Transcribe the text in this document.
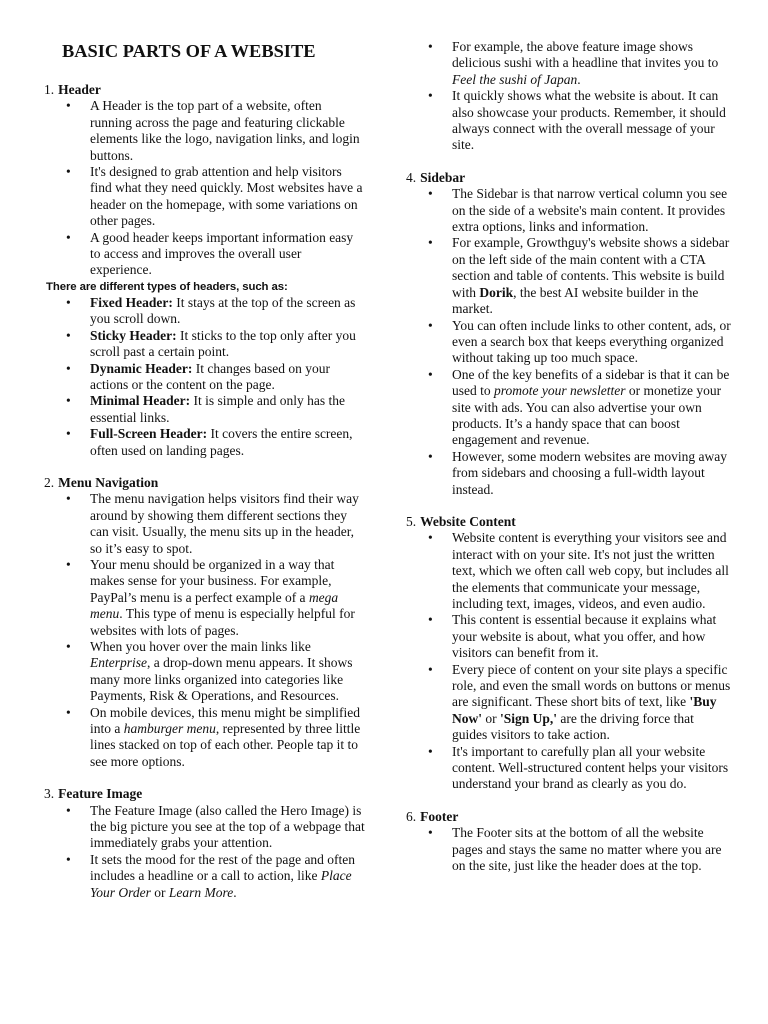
BASIC PARTS OF A WEBSITE
1. Header
• A Header is the top part of a website, often running across the page and featuring clickable elements like the logo, navigation links, and login buttons.
• It's designed to grab attention and help visitors find what they need quickly. Most websites have a header on the homepage, with some variations on other pages.
• A good header keeps important information easy to access and improves the overall user experience.
There are different types of headers, such as:
• Fixed Header: It stays at the top of the screen as you scroll down.
• Sticky Header: It sticks to the top only after you scroll past a certain point.
• Dynamic Header: It changes based on your actions or the content on the page.
• Minimal Header: It is simple and only has the essential links.
• Full-Screen Header: It covers the entire screen, often used on landing pages.
2. Menu Navigation
• The menu navigation helps visitors find their way around by showing them different sections they can visit. Usually, the menu sits up in the header, so it’s easy to spot.
• Your menu should be organized in a way that makes sense for your business. For example, PayPal’s menu is a perfect example of a mega menu. This type of menu is especially helpful for websites with lots of pages.
• When you hover over the main links like Enterprise, a drop-down menu appears. It shows many more links organized into categories like Payments, Risk & Operations, and Resources.
• On mobile devices, this menu might be simplified into a hamburger menu, represented by three little lines stacked on top of each other. People tap it to see more options.
3. Feature Image
• The Feature Image (also called the Hero Image) is the big picture you see at the top of a webpage that immediately grabs your attention.
• It sets the mood for the rest of the page and often includes a headline or a call to action, like Place Your Order or Learn More.
• For example, the above feature image shows delicious sushi with a headline that invites you to Feel the sushi of Japan.
• It quickly shows what the website is about. It can also showcase your products. Remember, it should always connect with the overall message of your site.
4. Sidebar
• The Sidebar is that narrow vertical column you see on the side of a website's main content. It provides extra options, links and information.
• For example, Growthguy's website shows a sidebar on the left side of the main content with a CTA section and table of contents. This website is build with Dorik, the best AI website builder in the market.
• You can often include links to other content, ads, or even a search box that keeps everything organized without taking up too much space.
• One of the key benefits of a sidebar is that it can be used to promote your newsletter or monetize your site with ads. You can also advertise your own products. It’s a handy space that can boost engagement and revenue.
• However, some modern websites are moving away from sidebars and choosing a full-width layout instead.
5. Website Content
• Website content is everything your visitors see and interact with on your site. It's not just the written text, which we often call web copy, but includes all the elements that communicate your message, including text, images, videos, and even audio.
• This content is essential because it explains what your website is about, what you offer, and how visitors can benefit from it.
• Every piece of content on your site plays a specific role, and even the small words on buttons or menus are significant. These short bits of text, like 'Buy Now' or 'Sign Up,' are the driving force that guides visitors to take action.
• It's important to carefully plan all your website content. Well-structured content helps your visitors understand your brand as clearly as you do.
6. Footer
• The Footer sits at the bottom of all the website pages and stays the same no matter where you are on the site, just like the header does at the top.
